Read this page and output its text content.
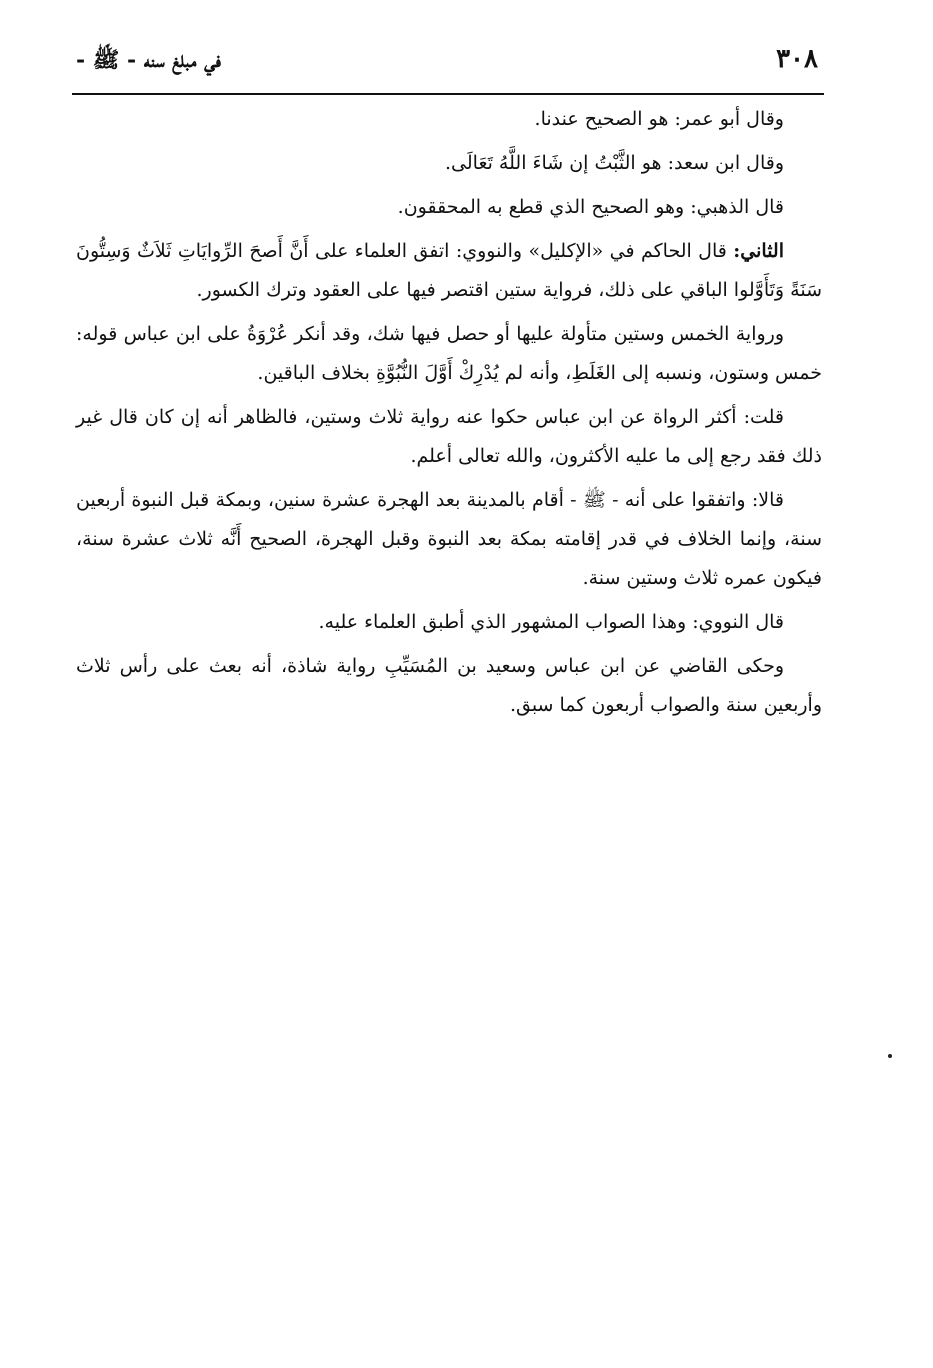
٣٠٨
في مبلغ سنه - ﷺ -

وقال أبو عمر: هو الصحيح عندنا.

وقال ابن سعد: هو الثَّبْتُ إن شَاءَ اللَّهُ تَعَالَى.

قال الذهبي: وهو الصحيح الذي قطع به المحققون.

الثاني: قال الحاكم في «الإكليل» والنووي: اتفق العلماء على أَنَّ أَصحَ الرِّوايَاتِ ثَلاَثٌ وَسِتُّونَ سَنَةً وَتَأَوَّلوا الباقي على ذلك، فرواية ستين اقتصر فيها على العقود وترك الكسور.

ورواية الخمس وستين متأولة عليها أو حصل فيها شك، وقد أنكر عُرْوَةُ على ابن عباس قوله: خمس وستون، ونسبه إلى الغَلَطِ، وأنه لم يُدْرِكْ أَوَّلَ النُّبُوَّةِ بخلاف الباقين.

قلت: أكثر الرواة عن ابن عباس حكوا عنه رواية ثلاث وستين، فالظاهر أنه إن كان قال غير ذلك فقد رجع إلى ما عليه الأكثرون، والله تعالى أعلم.

قالا: واتفقوا على أنه - ﷺ - أقام بالمدينة بعد الهجرة عشرة سنين، وبمكة قبل النبوة أربعين سنة، وإنما الخلاف في قدر إقامته بمكة بعد النبوة وقبل الهجرة، الصحيح أَنَّه ثلاث عشرة سنة، فيكون عمره ثلاث وستين سنة.

قال النووي: وهذا الصواب المشهور الذي أطبق العلماء عليه.

وحكى القاضي عن ابن عباس وسعيد بن المُسَيِّبِ رواية شاذة، أنه بعث على رأس ثلاث وأربعين سنة والصواب أربعون كما سبق.
